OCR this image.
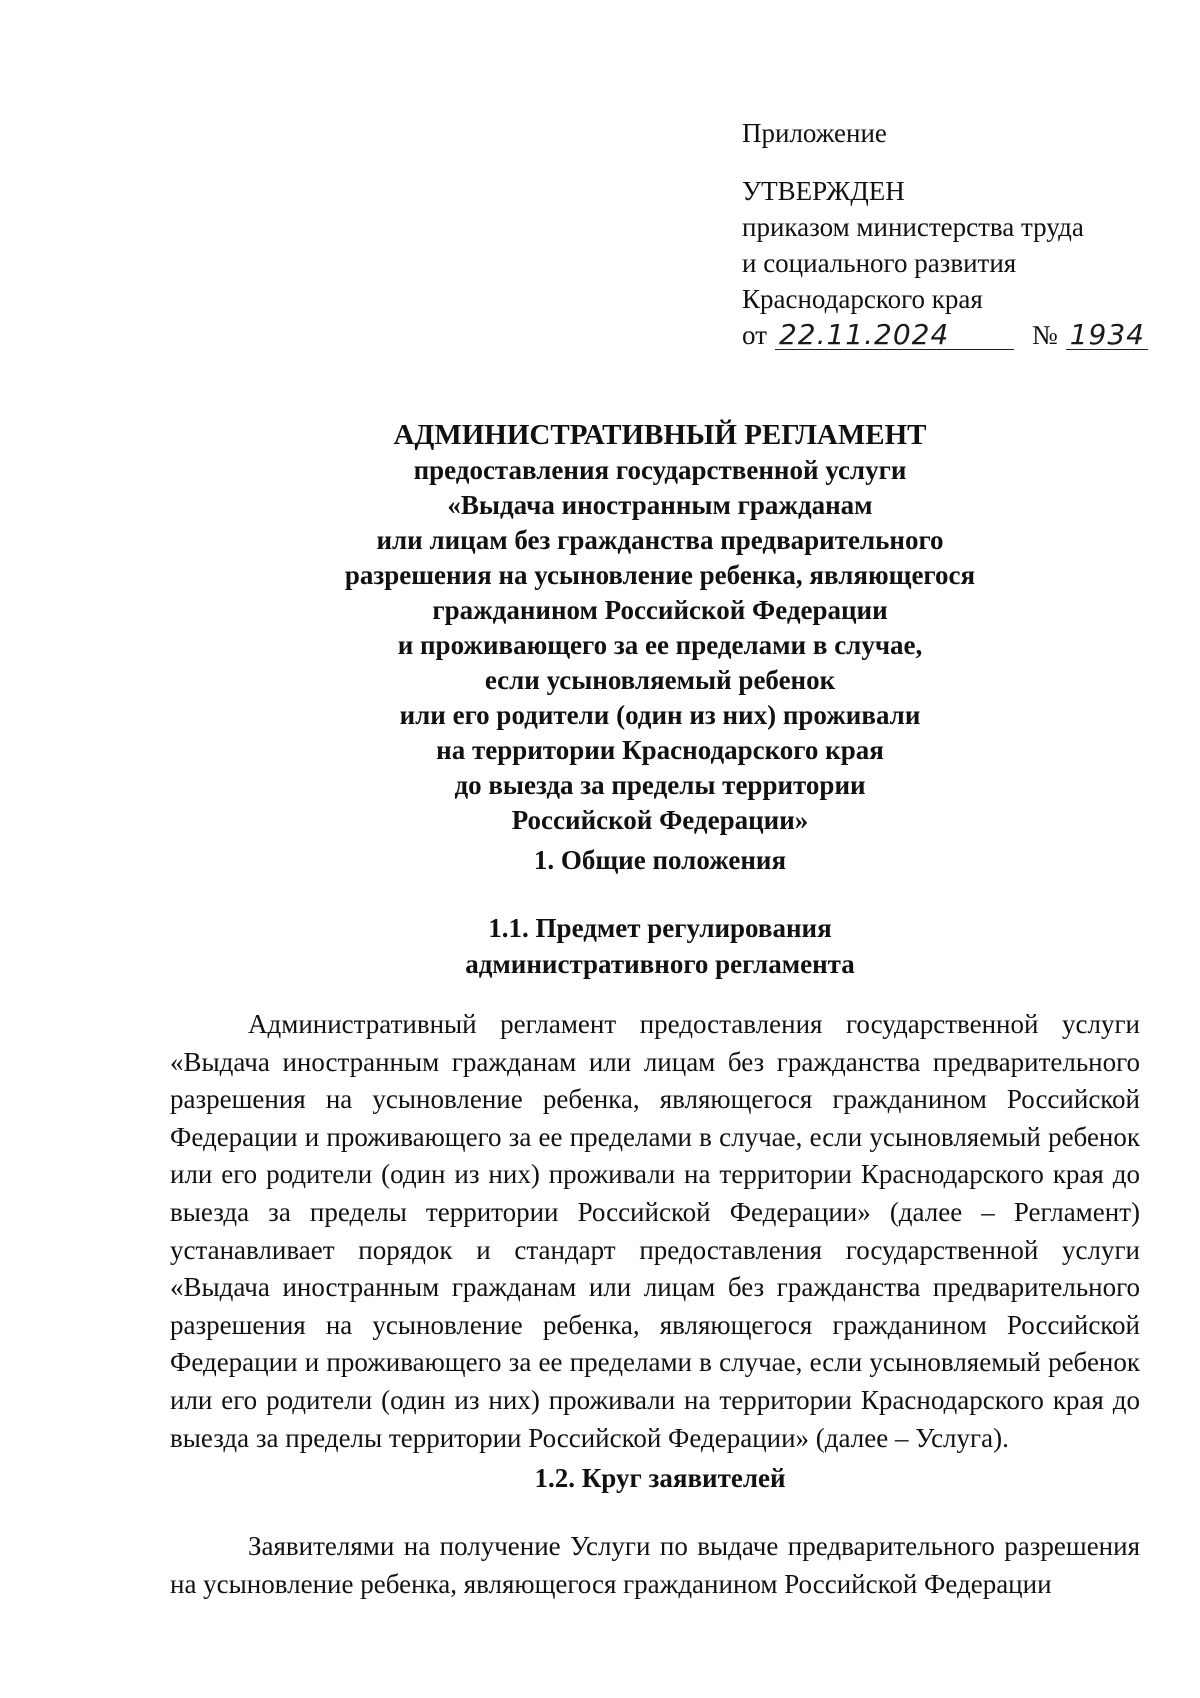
Приложение
УТВЕРЖДЕН
приказом министерства труда
и социального развития
Краснодарского края
от 22.11.2024	№ 1934
АДМИНИСТРАТИВНЫЙ РЕГЛАМЕНТ
предоставления государственной услуги
«Выдача иностранным гражданам
или лицам без гражданства предварительного
разрешения на усыновление ребенка, являющегося
гражданином Российской Федерации
и проживающего за ее пределами в случае,
если усыновляемый ребенок
или его родители (один из них) проживали
на территории Краснодарского края
до выезда за пределы территории
Российской Федерации»
1. Общие положения
1.1. Предмет регулирования
административного регламента
Административный регламент предоставления государственной услуги «Выдача иностранным гражданам или лицам без гражданства предварительного разрешения на усыновление ребенка, являющегося гражданином Российской Федерации и проживающего за ее пределами в случае, если усыновляемый ребенок или его родители (один из них) проживали на территории Краснодарского края до выезда за пределы территории Российской Федерации» (далее – Регламент) устанавливает порядок и стандарт предоставления государственной услуги «Выдача иностранным гражданам или лицам без гражданства предварительного разрешения на усыновление ребенка, являющегося гражданином Российской Федерации и проживающего за ее пределами в случае, если усыновляемый ребенок или его родители (один из них) проживали на территории Краснодарского края до выезда за пределы территории Российской Федерации» (далее – Услуга).
1.2. Круг заявителей
Заявителями на получение Услуги по выдаче предварительного разрешения на усыновление ребенка, являющегося гражданином Российской Федерации
